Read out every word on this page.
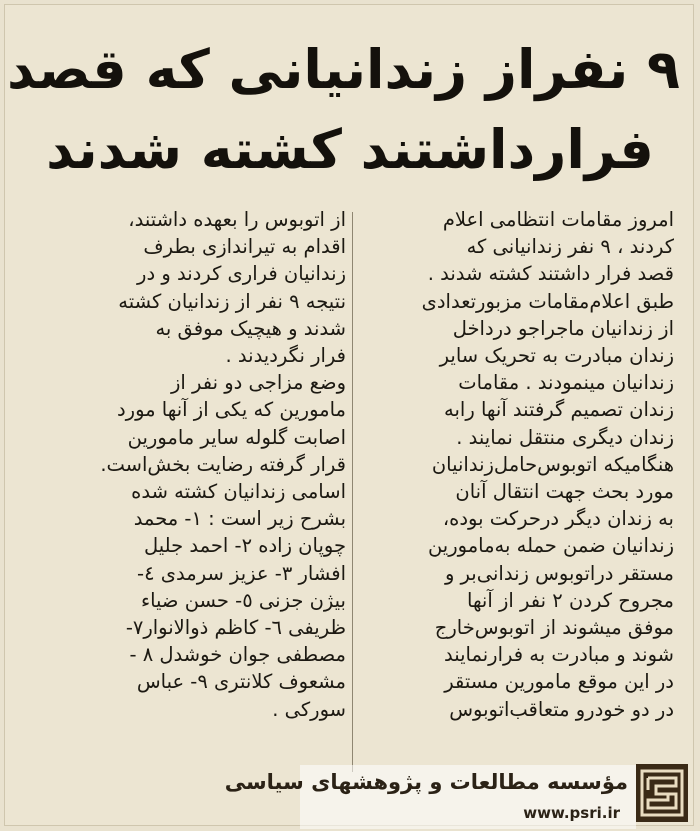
۹ نفراز زندانیانی که قصد
فرارداشتند کشته شدند

امروز مقامات انتظامی اعلام

کردند ، ۹ نفر زندانیانی که

قصد فرار داشتند کشته شدند .

طبق اعلام‌مقامات مزبورتعدادی

از زندانیان ماجراجو درداخل

زندان مبادرت به تحریک سایر

زندانیان مینمودند . مقامات

زندان تصمیم گرفتند آنها رابه

زندان دیگری منتقل نمایند .

هنگامیکه اتوبوس‌حامل‌زندانیان

مورد بحث جهت انتقال آنان

به زندان دیگر درحرکت بوده،

زندانیان ضمن حمله به‌مامورین

مستقر دراتوبوس زندانی‌بر و

مجروح کردن ۲ نفر از آنها

موفق میشوند از اتوبوس‌خارج

شوند و مبادرت به فرارنمایند

در این موقع مامورین مستقر

در دو خودرو متعاقب‌اتوبوس

از اتوبوس را بعهده داشتند،

اقدام به تیراندازی بطرف

زندانیان فراری کردند و در

نتیجه ۹ نفر از زندانیان کشته

شدند و هیچیک موفق به

فرار نگردیدند .

وضع مزاجی دو نفر از

مامورین که یکی از آنها مورد

اصابت گلوله سایر مامورین

قرار گرفته رضایت بخش‌است.

اسامی زندانیان کشته شده

بشرح زیر است : ۱- محمد

چوپان زاده ۲- احمد جلیل

افشار ۳- عزیز سرمدی ٤-

بیژن جزنی ٥- حسن ضیاء

ظریفی ٦- کاظم ذوالانوار۷-

مصطفی جوان خوشدل ۸ -

مشعوف کلانتری ۹- عباس

سورکی .

مؤسسه مطالعات و پژوهشهای سیاسی
www.psri.ir
